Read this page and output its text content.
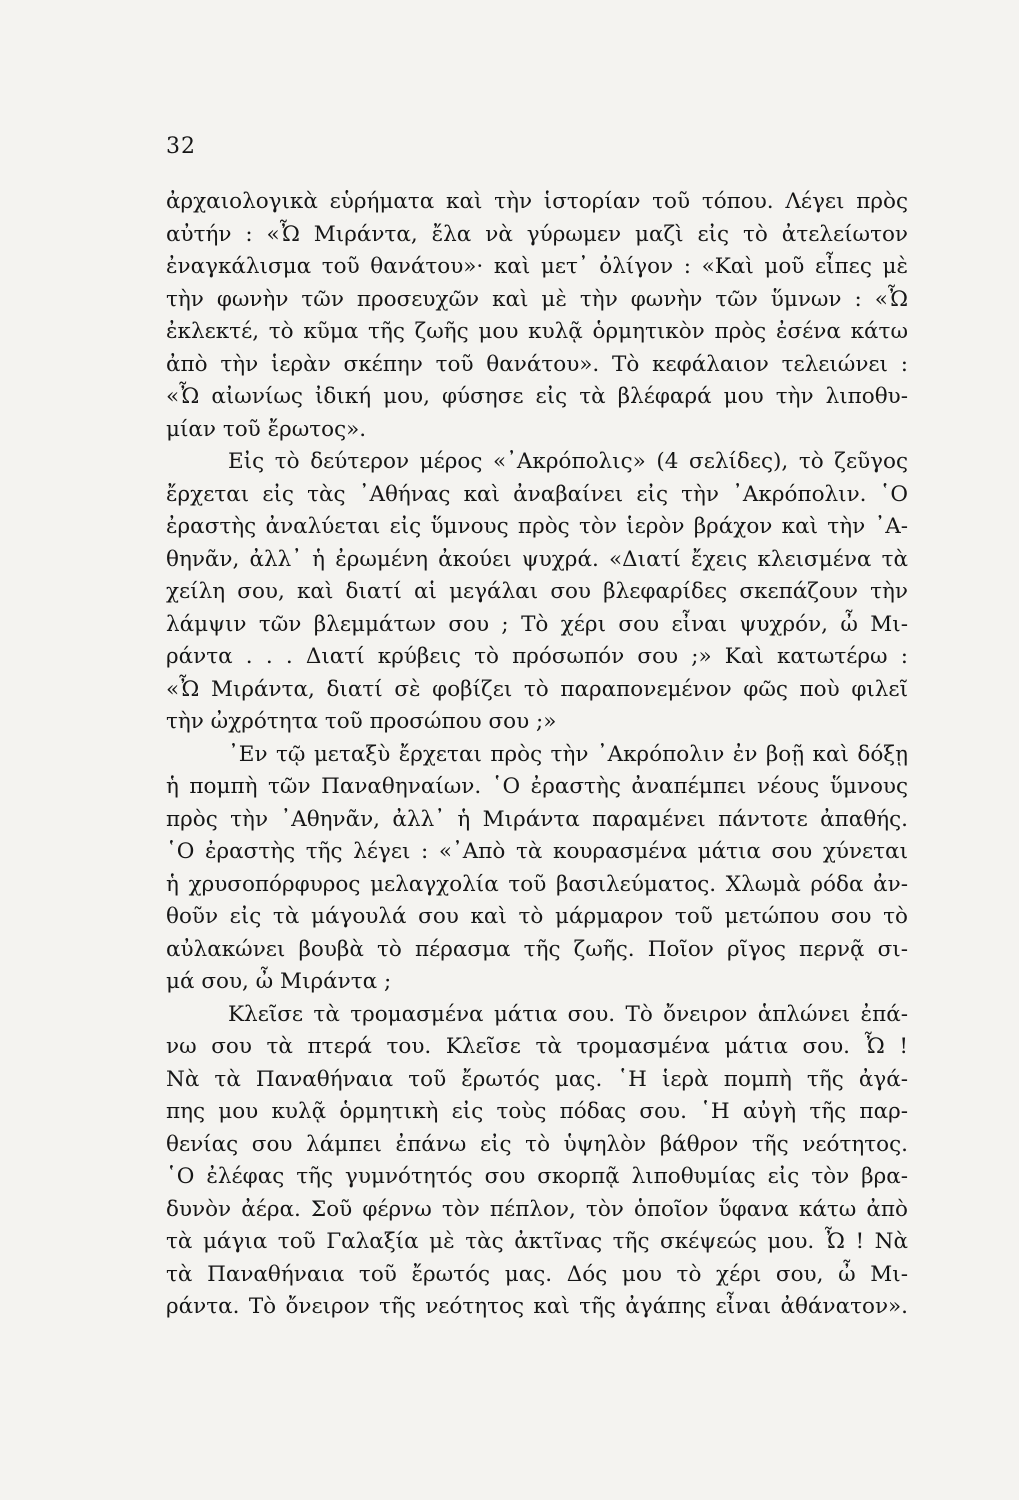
32
ἀρχαιολογικὰ εὑρήματα καὶ τὴν ἱστορίαν τοῦ τόπου. Λέγει πρὸς
αὐτήν : «Ὦ Μιράντα, ἔλα νὰ γύρωμεν μαζὶ εἰς τὸ ἀτελείωτον
ἐναγκάλισμα τοῦ θανάτου»· καὶ μετ᾿ ὀλίγον : «Καὶ μοῦ εἶπες μὲ
τὴν φωνὴν τῶν προσευχῶν καὶ μὲ τὴν φωνὴν τῶν ὕμνων : «Ὦ
ἐκλεκτέ, τὸ κῦμα τῆς ζωῆς μου κυλᾷ ὁρμητικὸν πρὸς ἐσένα κάτω
ἀπὸ τὴν ἱερὰν σκέπην τοῦ θανάτου». Τὸ κεφάλαιον τελειώνει :
«Ὦ αἰωνίως ἰδική μου, φύσησε εἰς τὰ βλέφαρά μου τὴν λιποθυ-
μίαν τοῦ ἔρωτος».
Εἰς τὸ δεύτερον μέρος «᾿Ακρόπολις» (4 σελίδες), τὸ ζεῦγος
ἔρχεται εἰς τὰς ᾿Αθήνας καὶ ἀναβαίνει εἰς τὴν ᾿Ακρόπολιν. ῾Ο
ἐραστὴς ἀναλύεται εἰς ὕμνους πρὸς τὸν ἱερὸν βράχον καὶ τὴν ᾿Α-
θηνᾶν, ἀλλ᾿ ἡ ἐρωμένη ἀκούει ψυχρά. «Διατί ἔχεις κλεισμένα τὰ
χείλη σου, καὶ διατί αἱ μεγάλαι σου βλεφαρίδες σκεπάζουν τὴν
λάμψιν τῶν βλεμμάτων σου ; Τὸ χέρι σου εἶναι ψυχρόν, ὦ Μι-
ράντα . . . Διατί κρύβεις τὸ πρόσωπόν σου ;» Καὶ κατωτέρω :
«Ὦ Μιράντα, διατί σὲ φοβίζει τὸ παραπονεμένον φῶς ποὺ φιλεῖ
τὴν ὠχρότητα τοῦ προσώπου σου ;»
᾿Εν τῷ μεταξὺ ἔρχεται πρὸς τὴν ᾿Ακρόπολιν ἐν βοῇ καὶ δόξῃ
ἡ πομπὴ τῶν Παναθηναίων. ῾Ο ἐραστὴς ἀναπέμπει νέους ὕμνους
πρὸς τὴν ᾿Αθηνᾶν, ἀλλ᾿ ἡ Μιράντα παραμένει πάντοτε ἀπαθής.
῾Ο ἐραστὴς τῆς λέγει : «᾿Απὸ τὰ κουρασμένα μάτια σου χύνεται
ἡ χρυσοπόρφυρος μελαγχολία τοῦ βασιλεύματος. Χλωμὰ ρόδα ἀν-
θοῦν εἰς τὰ μάγουλά σου καὶ τὸ μάρμαρον τοῦ μετώπου σου τὸ
αὐλακώνει βουβὰ τὸ πέρασμα τῆς ζωῆς. Ποῖον ρῖγος περνᾷ σι-
μά σου, ὦ Μιράντα ;
Κλεῖσε τὰ τρομασμένα μάτια σου. Τὸ ὄνειρον ἁπλώνει ἐπά-
νω σου τὰ πτερά του. Κλεῖσε τὰ τρομασμένα μάτια σου. Ὦ !
Νὰ τὰ Παναθήναια τοῦ ἔρωτός μας. ῾Η ἱερὰ πομπὴ τῆς ἀγά-
πης μου κυλᾷ ὁρμητικὴ εἰς τοὺς πόδας σου. ῾Η αὐγὴ τῆς παρ-
θενίας σου λάμπει ἐπάνω εἰς τὸ ὑψηλὸν βάθρον τῆς νεότητος.
῾Ο ἐλέφας τῆς γυμνότητός σου σκορπᾷ λιποθυμίας εἰς τὸν βρα-
δυνὸν ἀέρα. Σοῦ φέρνω τὸν πέπλον, τὸν ὁποῖον ὕφανα κάτω ἀπὸ
τὰ μάγια τοῦ Γαλαξία μὲ τὰς ἀκτῖνας τῆς σκέψεώς μου. Ὦ ! Νὰ
τὰ Παναθήναια τοῦ ἔρωτός μας. Δός μου τὸ χέρι σου, ὦ Μι-
ράντα. Τὸ ὄνειρον τῆς νεότητος καὶ τῆς ἀγάπης εἶναι ἀθάνατον».
